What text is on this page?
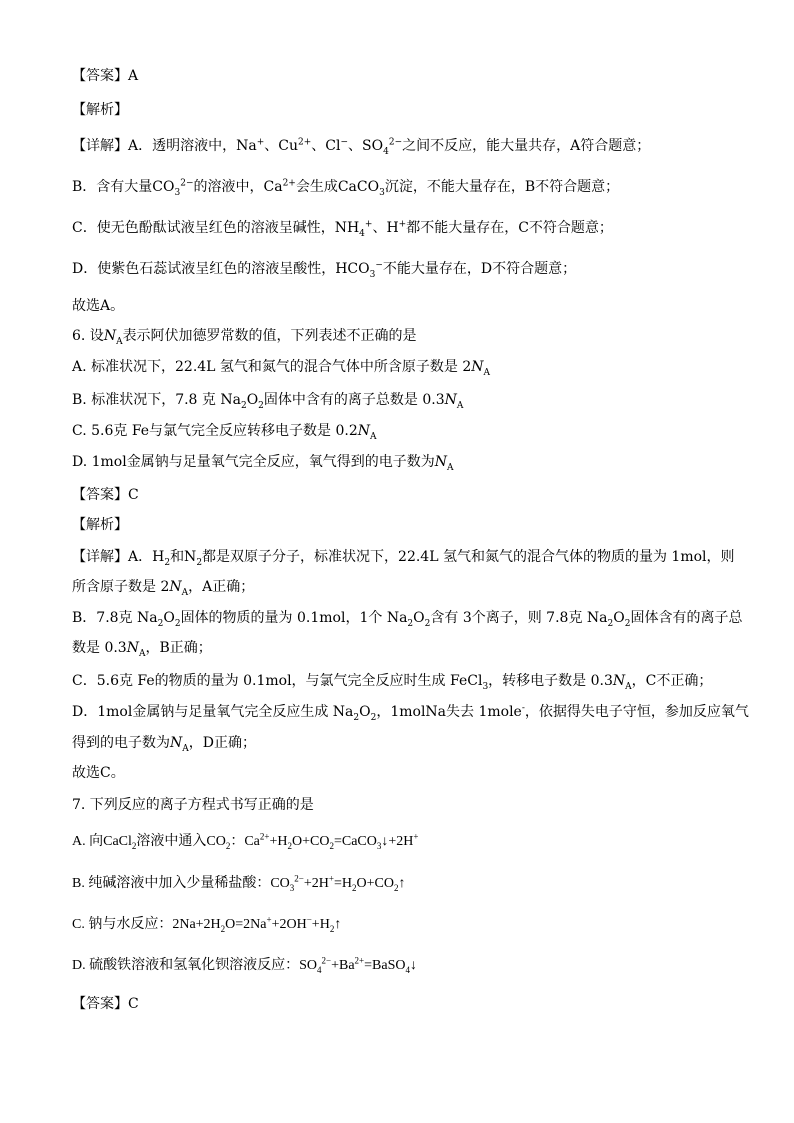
【答案】A
【解析】
【详解】A．透明溶液中，Na+、$Cu^{2+}$、Cl−、$SO_4^{2-}$之间不反应，能大量共存，A符合题意；
B．含有大量$CO_3^{2-}$的溶液中，$Ca^{2+}$会生成CaCO$_3$沉淀，不能大量存在，B不符合题意；
C．使无色酚酞试液呈红色的溶液呈碱性，$NH_4^+$、H+都不能大量存在，C不符合题意；
D．使紫色石蕊试液呈红色的溶液呈酸性，$HCO_3^-$不能大量存在，D不符合题意；
故选A。
6. 设$N_A$表示阿伏加德罗常数的值，下列表述不正确的是
A. 标准状况下，22.4L 氢气和氮气的混合气体中所含原子数是 $2N_A$
B. 标准状况下，7.8 克 $Na_2O_2$固体中含有的离子总数是 $0.3N_A$
C. 5.6克 Fe与氯气完全反应转移电子数是 $0.2N_A$
D. 1mol金属钠与足量氧气完全反应，氧气得到的电子数为$N_A$
【答案】C
【解析】
【详解】A．$H_2$和$N_2$都是双原子分子，标准状况下，22.4L 氢气和氮气的混合气体的物质的量为 1mol，则
所含原子数是 $2N_A$，A正确；
B．7.8克 $Na_2O_2$固体的物质的量为 0.1mol，1个 $Na_2O_2$含有 3个离子，则 7.8克 $Na_2O_2$固体含有的离子总
数是 $0.3N_A$，B正确；
C．5.6克 Fe的物质的量为 0.1mol，与氯气完全反应时生成 FeCl$_3$，转移电子数是 $0.3N_A$，C不正确；
D．1mol金属钠与足量氧气完全反应生成 $Na_2O_2$，1molNa失去 1mole-，依据得失电子守恒，参加反应氧气
得到的电子数为$N_A$，D正确；
故选C。
7. 下列反应的离子方程式书写正确的是
A. 向CaCl$_2$溶液中通入$CO_2$：$Ca^{2+}+H_2O+CO_2=CaCO_3↓+2H^+$
B. 纯碱溶液中加入少量稀盐酸：$CO_3^{2-}+2H^+=H_2O+CO_2↑$
C. 钠与水反应：$2Na+2H_2O=2Na^++2OH^-+H_2↑$
D. 硫酸铁溶液和氢氧化钡溶液反应：$SO_4^{2-}+Ba^{2+}=BaSO_4↓$
【答案】C
